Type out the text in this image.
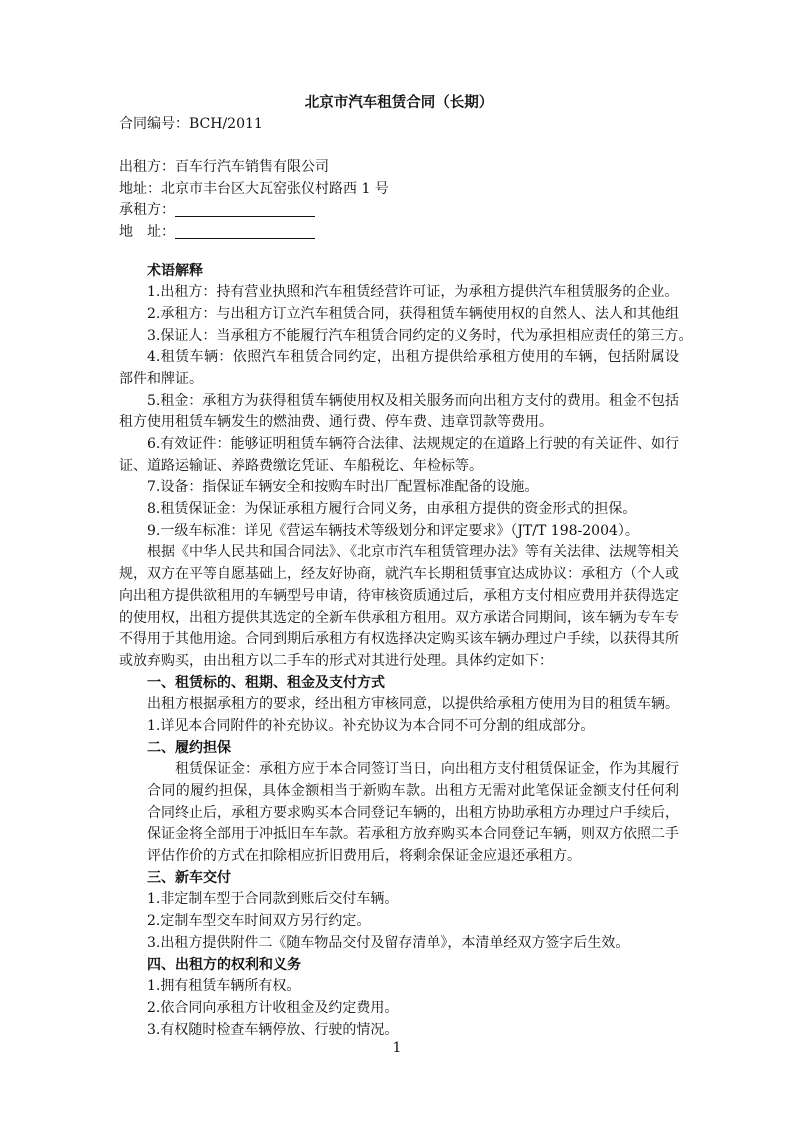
北京市汽车租赁合同（长期）
合同编号：BCH/2011
出租方：百车行汽车销售有限公司
地址：北京市丰台区大瓦窑张仪村路西 1 号
承租方：
地　址：
术语解释
1.出租方：持有营业执照和汽车租赁经营许可证，为承租方提供汽车租赁服务的企业。
2.承租方：与出租方订立汽车租赁合同，获得租赁车辆使用权的自然人、法人和其他组
3.保证人：当承租方不能履行汽车租赁合同约定的义务时，代为承担相应责任的第三方。
4.租赁车辆：依照汽车租赁合同约定，出租方提供给承租方使用的车辆，包括附属设
部件和牌证。
5.租金：承租方为获得租赁车辆使用权及相关服务而向出租方支付的费用。租金不包括
租方使用租赁车辆发生的燃油费、通行费、停车费、违章罚款等费用。
6.有效证件：能够证明租赁车辆符合法律、法规规定的在道路上行驶的有关证件、如行
证、道路运输证、养路费缴讫凭证、车船税讫、年检标等。
7.设备：指保证车辆安全和按购车时出厂配置标准配备的设施。
8.租赁保证金：为保证承租方履行合同义务，由承租方提供的资金形式的担保。
9.一级车标准：详见《营运车辆技术等级划分和评定要求》（JT/T 198-2004）。
根据《中华人民共和国合同法》、《北京市汽车租赁管理办法》等有关法律、法规等相关
规，双方在平等自愿基础上，经友好协商，就汽车长期租赁事宜达成协议：承租方（个人或
向出租方提供欲租用的车辆型号申请，待审核资质通过后，承租方支付相应费用并获得选定
的使用权，出租方提供其选定的全新车供承租方租用。双方承诺合同期间，该车辆为专车专
不得用于其他用途。合同到期后承租方有权选择决定购买该车辆办理过户手续，以获得其所
或放弃购买，由出租方以二手车的形式对其进行处理。具体约定如下：
一、租赁标的、租期、租金及支付方式
出租方根据承租方的要求，经出租方审核同意，以提供给承租方使用为目的租赁车辆。
1.详见本合同附件的补充协议。补充协议为本合同不可分割的组成部分。
二、履约担保
租赁保证金：承租方应于本合同签订当日，向出租方支付租赁保证金，作为其履行
合同的履约担保，具体金额相当于新购车款。出租方无需对此笔保证金额支付任何利
合同终止后，承租方要求购买本合同登记车辆的，出租方协助承租方办理过户手续后，
保证金将全部用于冲抵旧车车款。若承租方放弃购买本合同登记车辆，则双方依照二手
评估作价的方式在扣除相应折旧费用后，将剩余保证金应退还承租方。
三、新车交付
1.非定制车型于合同款到账后交付车辆。
2.定制车型交车时间双方另行约定。
3.出租方提供附件二《随车物品交付及留存清单》，本清单经双方签字后生效。
四、出租方的权利和义务
1.拥有租赁车辆所有权。
2.依合同向承租方计收租金及约定费用。
3.有权随时检查车辆停放、行驶的情况。
1
